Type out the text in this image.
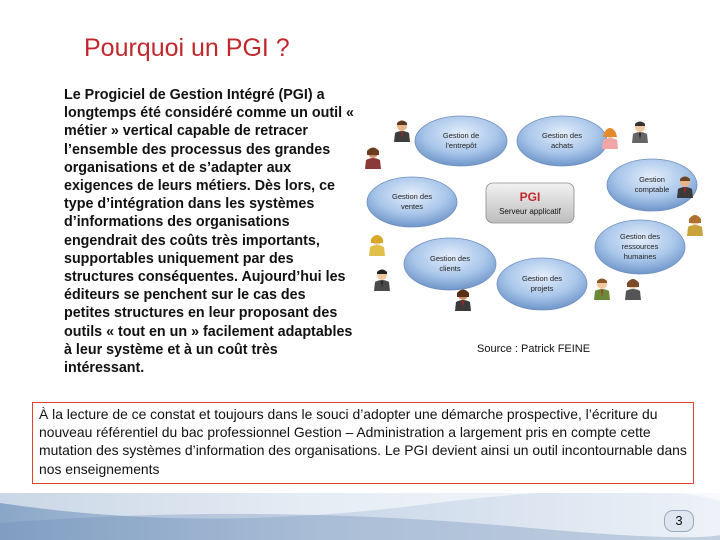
Pourquoi un PGI ?
Le Progiciel de Gestion Intégré (PGI) a longtemps été considéré comme un outil « métier » vertical capable de retracer l’ensemble des processus des grandes organisations et de s’adapter aux exigences de leurs métiers. Dès lors, ce type d’intégration dans les systèmes d’informations des organisations engendrait des coûts très importants, supportables uniquement par des structures conséquentes. Aujourd’hui les éditeurs se penchent sur le cas des petites structures en leur proposant des outils « tout en un » facilement adaptables à leur système et à un coût très intéressant.
Gestion de
l’entrepôt
Gestion des
achats
Gestion des
ventes
Gestion
comptable
Gestion des
ressources
humaines
Gestion des
clients
Gestion des
projets
PGI
Serveur applicatif
Source : Patrick FEINE
À la lecture de ce constat et toujours dans le souci d’adopter une démarche prospective, l’écriture du nouveau référentiel du bac professionnel Gestion – Administration a largement pris en compte cette mutation des systèmes d’information des organisations. Le PGI devient ainsi un outil incontournable dans nos enseignements
3
